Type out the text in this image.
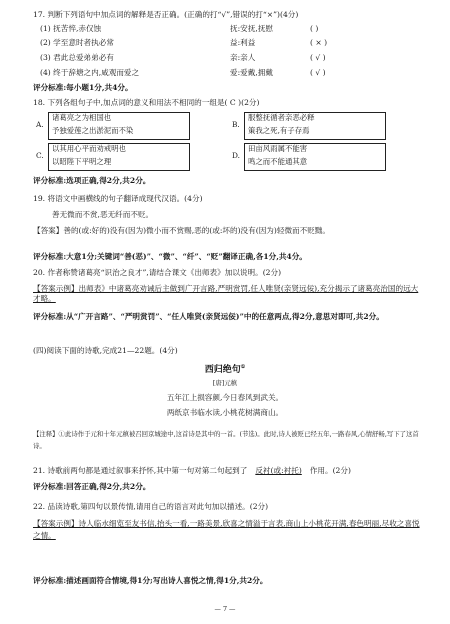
17. 判断下列语句中加点词的解释是否正确。(正确的打“√”,错误的打“×”)(4分)
(1) 抚苦悴,赤仅蚀	抚:安抚,抚慰	( )
(2) 学至意时者执必常	益:利益	( × )
(3) 君此总爱弟弟必有	亲:亲人	( √ )
(4) 终于辞塘之内,咸观而爱之	爱:爱戴,拥戴	( √ )
评分标准:每小题1分,共4分。
18. 下列各组句子中,加点词的意义和用法不相同的一组是( C )(2分)
A.
诸葛亮之为相国也
予独爱莲之出淤泥而不染
B.
服整抚循者亲恶必释
策我之死,有子存焉
C.
以其用心平而劝戒明也
以昭陛下平明之理
D.
田亩风雨属不能害
鸣之而不能通其意
评分标准:选项正确,得2分,共2分。
19. 将语文中画横线的句子翻译成现代汉语。(4分)
善无微而不赏,恶无纤而不贬。
【答案】善的(或:好的)没有(因为)微小而不赏赐,恶的(或:坏的)没有(因为)轻微而不贬黜。
评分标准:大意1分;关键词“善(恶)”、“微”、“纤”、“贬”翻译正确,各1分,共4分。
20. 作者称赞诸葛亮“识治之良才”,请结合课文《出师表》加以说明。(2分)
【答案示例】出师表》中诸葛亮劝诫后主做到广开言路,严明赏罚,任人唯贤(亲贤远佞),充分揭示了诸葛亮治国的远大才略。
评分标准:从“广开言路”、“严明赏罚”、“任人唯贤(亲贤远佞)”中的任意两点,得2分,意思对即可,共2分。
(四)阅读下面的诗歌,完成21—22题。(4分)
西归绝句①
[唐]元稹
五年江上损容颜,今日春风到武关。
两纸京书临水读,小桃花树满商山。
【注释】①此诗作于元和十年元稹被召回京城途中,这首诗是其中的一首。(节选)。此时,诗人被贬已经五年,一路春风,心情舒畅,写下了这首诗。
21. 诗歌前两句都是通过叙事来抒怀,其中第一句对第二句起到了 反衬(或:衬托) 作用。(2分)
评分标准:回答正确,得2分,共2分。
22. 品读诗歌,第四句以景传情,请用自己的语言对此句加以描述。(2分)
【答案示例】诗人临水细览至友书信,抬头一看,一路美景,欣喜之情溢于言表,商山上小桃花开满,春色明丽,尽收之喜悦之情。
评分标准:描述画面符合情境,得1分;写出诗人喜悦之情,得1分,共2分。
— 7 —
